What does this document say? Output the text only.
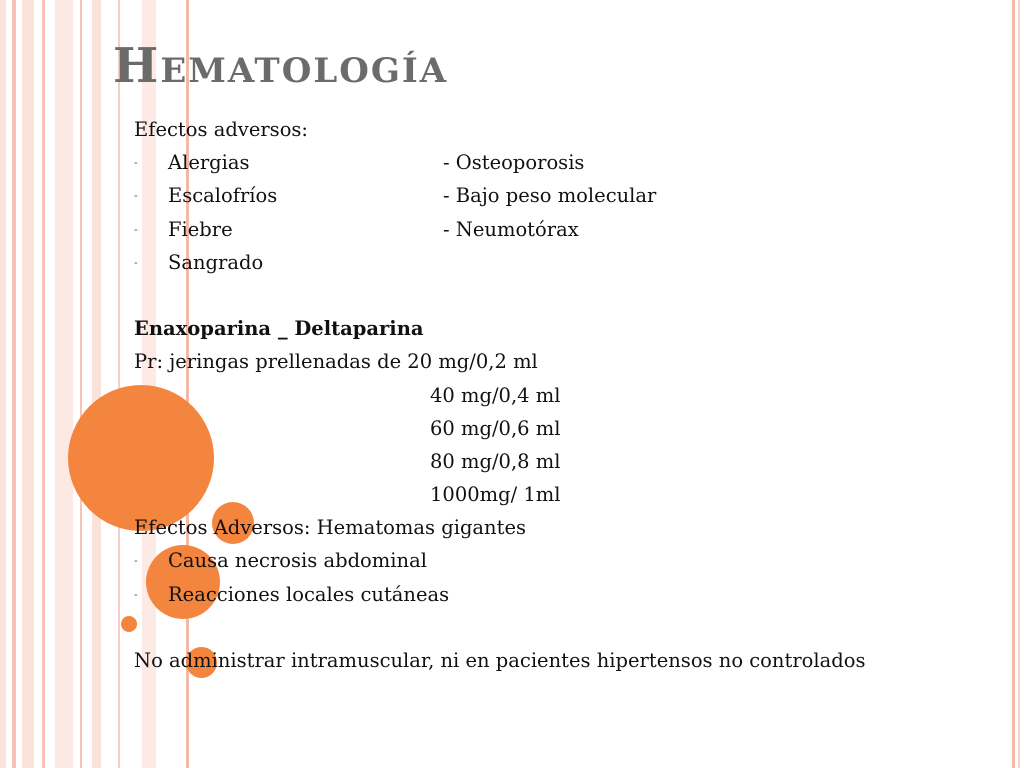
Hematología
Efectos adversos:
- Alergias	- Osteoporosis
- Escalofríos	- Bajo peso molecular
- Fiebre	- Neumotórax
- Sangrado
Enaxoparina _ Deltaparina
Pr: jeringas prellenadas de 20 mg/0,2 ml
40 mg/0,4 ml
60 mg/0,6 ml
80 mg/0,8 ml
1000mg/ 1ml
Efectos Adversos: Hematomas gigantes
- Causa necrosis abdominal
- Reacciones locales cutáneas
No administrar intramuscular, ni en pacientes hipertensos no controlados
